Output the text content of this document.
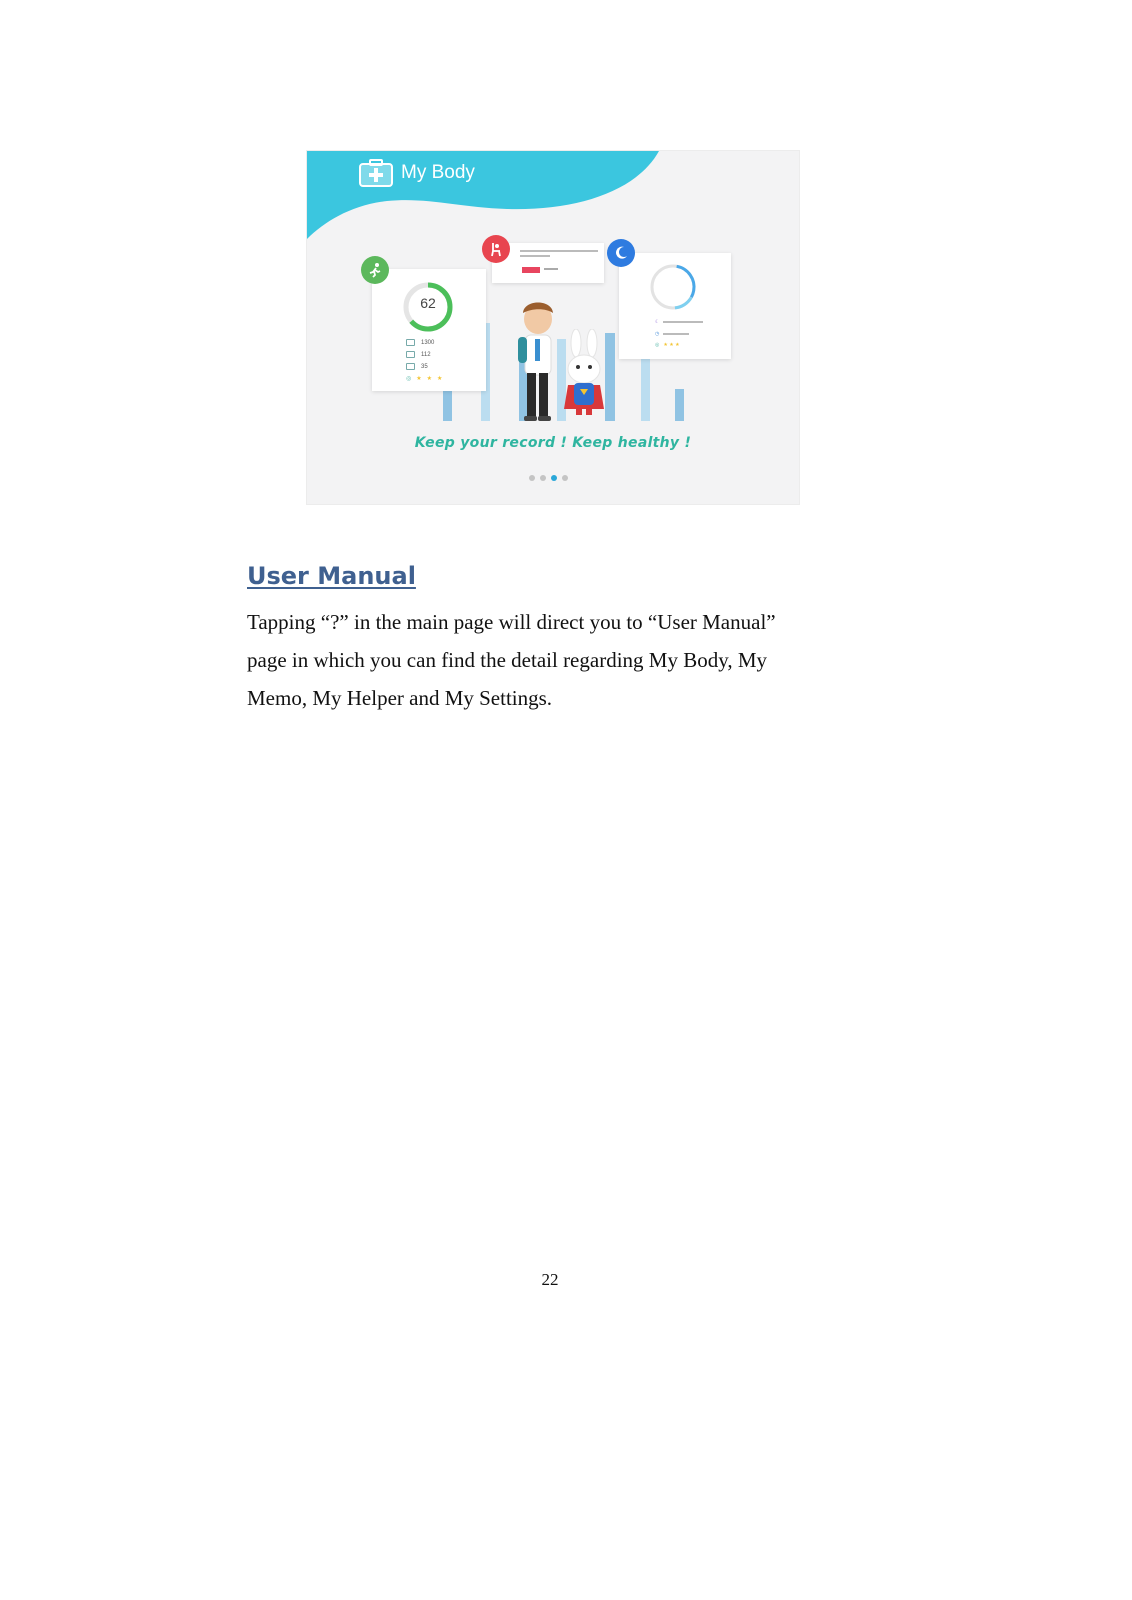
My Body
62
1300
112
35
◎ ★ ★ ★
☾
◷
◎ ★ ★ ★
Keep your record ! Keep healthy !
User Manual

Tapping “?” in the main page will direct you to “User Manual”

page in which you can find the detail regarding My Body, My

Memo, My Helper and My Settings.

22
